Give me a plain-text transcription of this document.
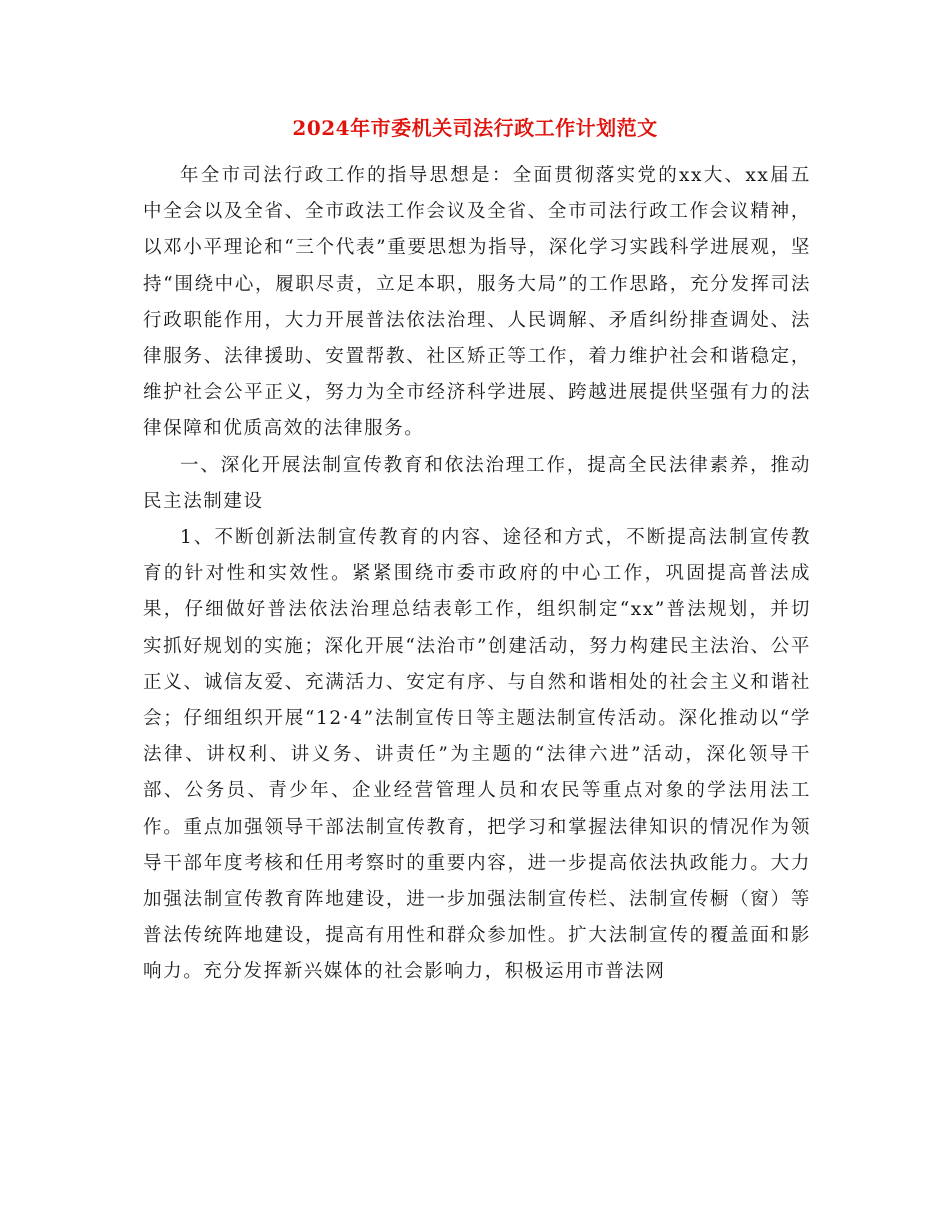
2024年市委机关司法行政工作计划范文

年全市司法行政工作的指导思想是：全面贯彻落实党的xx大、xx届五中全会以及全省、全市政法工作会议及全省、全市司法行政工作会议精神，以邓小平理论和“三个代表”重要思想为指导，深化学习实践科学进展观，坚持“围绕中心，履职尽责，立足本职，服务大局”的工作思路，充分发挥司法行政职能作用，大力开展普法依法治理、人民调解、矛盾纠纷排查调处、法律服务、法律援助、安置帮教、社区矫正等工作，着力维护社会和谐稳定，维护社会公平正义，努力为全市经济科学进展、跨越进展提供坚强有力的法律保障和优质高效的法律服务。

一、深化开展法制宣传教育和依法治理工作，提高全民法律素养，推动民主法制建设

1、不断创新法制宣传教育的内容、途径和方式，不断提高法制宣传教育的针对性和实效性。紧紧围绕市委市政府的中心工作，巩固提高普法成果，仔细做好普法依法治理总结表彰工作，组织制定“xx”普法规划，并切实抓好规划的实施；深化开展“法治市”创建活动，努力构建民主法治、公平正义、诚信友爱、充满活力、安定有序、与自然和谐相处的社会主义和谐社会；仔细组织开展“12·4”法制宣传日等主题法制宣传活动。深化推动以“学法律、讲权利、讲义务、讲责任”为主题的“法律六进”活动，深化领导干部、公务员、青少年、企业经营管理人员和农民等重点对象的学法用法工作。重点加强领导干部法制宣传教育，把学习和掌握法律知识的情况作为领导干部年度考核和任用考察时的重要内容，进一步提高依法执政能力。大力加强法制宣传教育阵地建设，进一步加强法制宣传栏、法制宣传橱（窗）等普法传统阵地建设，提高有用性和群众参加性。扩大法制宣传的覆盖面和影响力。充分发挥新兴媒体的社会影响力，积极运用市普法网
